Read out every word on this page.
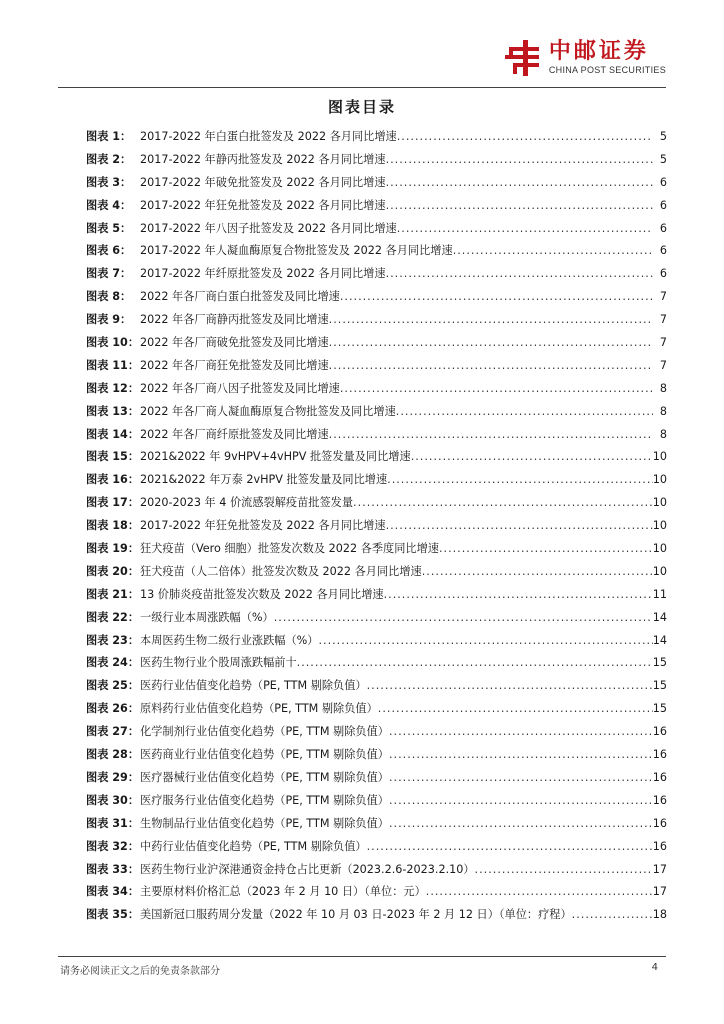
中邮证券
CHINA POST SECURITIES
图表目录
图表 1： 2017-2022 年白蛋白批签发及 2022 各月同比增速 .....	5
图表 2： 2017-2022 年静丙批签发及 2022 各月同比增速 .....	5
图表 3： 2017-2022 年破免批签发及 2022 各月同比增速 .....	6
图表 4： 2017-2022 年狂免批签发及 2022 各月同比增速 .....	6
图表 5： 2017-2022 年八因子批签发及 2022 各月同比增速 .....	6
图表 6： 2017-2022 年人凝血酶原复合物批签发及 2022 各月同比增速 .....	6
图表 7： 2017-2022 年纤原批签发及 2022 各月同比增速 .....	6
图表 8： 2022 年各厂商白蛋白批签发及同比增速 .....	7
图表 9： 2022 年各厂商静丙批签发及同比增速 .....	7
图表 10： 2022 年各厂商破免批签发及同比增速 .....	7
图表 11： 2022 年各厂商狂免批签发及同比增速 .....	7
图表 12： 2022 年各厂商八因子批签发及同比增速 .....	8
图表 13： 2022 年各厂商人凝血酶原复合物批签发及同比增速 .....	8
图表 14： 2022 年各厂商纤原批签发及同比增速 .....	8
图表 15： 2021&2022 年 9vHPV+4vHPV 批签发量及同比增速 .....	10
图表 16： 2021&2022 年万泰 2vHPV 批签发量及同比增速 .....	10
图表 17： 2020-2023 年 4 价流感裂解疫苗批签发量 .....	10
图表 18： 2017-2022 年狂免批签发及 2022 各月同比增速 .....	10
图表 19： 狂犬疫苗（Vero 细胞）批签发次数及 2022 各季度同比增速 .....	10
图表 20： 狂犬疫苗（人二倍体）批签发次数及 2022 各月同比增速 .....	10
图表 21： 13 价肺炎疫苗批签发次数及 2022 各月同比增速 .....	11
图表 22： 一级行业本周涨跌幅（%） .....	14
图表 23： 本周医药生物二级行业涨跌幅（%） .....	14
图表 24： 医药生物行业个股周涨跌幅前十 .....	15
图表 25： 医药行业估值变化趋势（PE, TTM 剔除负值） .....	15
图表 26： 原料药行业估值变化趋势（PE, TTM 剔除负值） .....	15
图表 27： 化学制剂行业估值变化趋势（PE, TTM 剔除负值） .....	16
图表 28： 医药商业行业估值变化趋势（PE, TTM 剔除负值） .....	16
图表 29： 医疗器械行业估值变化趋势（PE, TTM 剔除负值） .....	16
图表 30： 医疗服务行业估值变化趋势（PE, TTM 剔除负值） .....	16
图表 31： 生物制品行业估值变化趋势（PE, TTM 剔除负值） .....	16
图表 32： 中药行业估值变化趋势（PE, TTM 剔除负值） .....	16
图表 33： 医药生物行业沪深港通资金持仓占比更新（2023.2.6-2023.2.10） .....	17
图表 34： 主要原材料价格汇总（2023 年 2 月 10 日）（单位：元） .....	17
图表 35： 美国新冠口服药周分发量（2022 年 10 月 03 日-2023 年 2 月 12 日）（单位：疗程） .....	18
请务必阅读正文之后的免责条款部分	4
